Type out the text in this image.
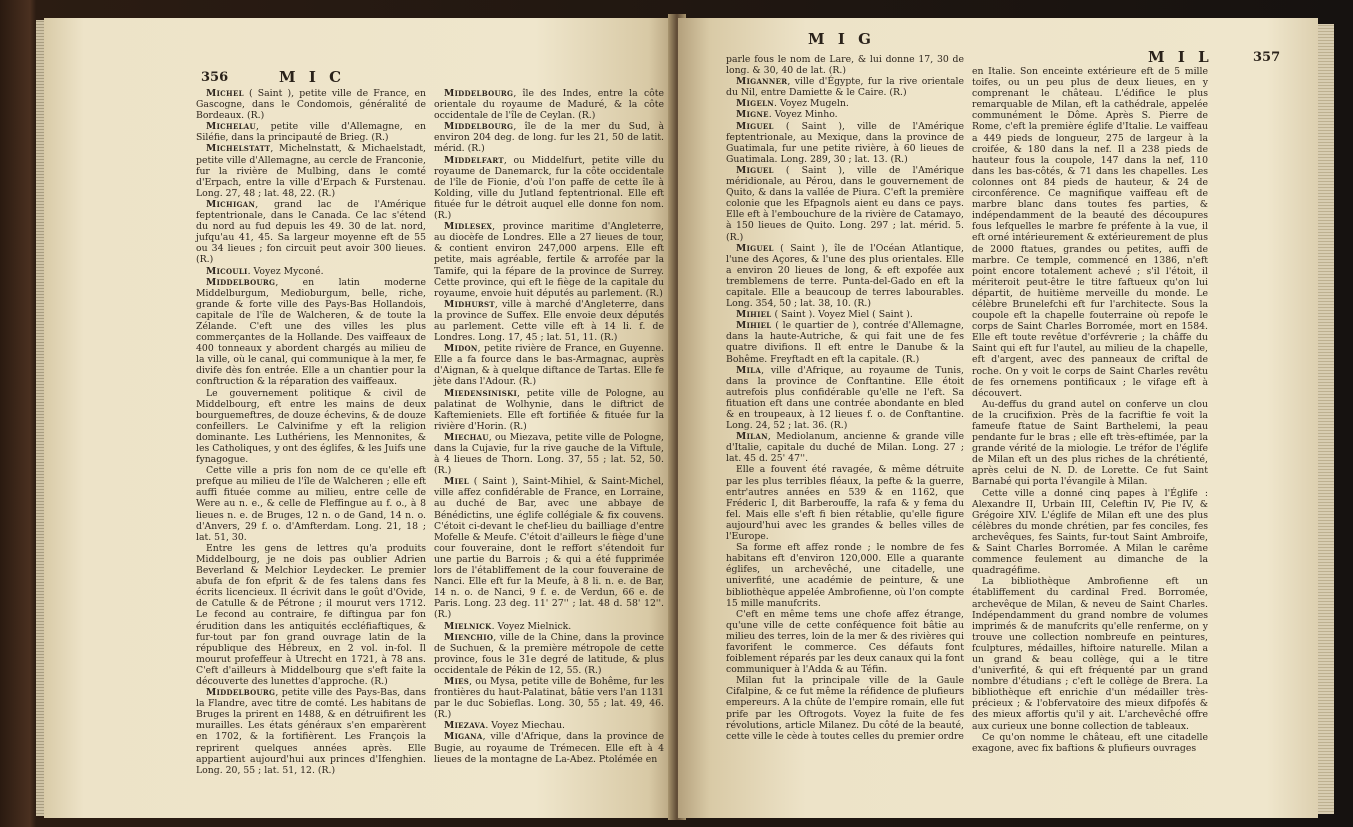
356	M I C

Michel ( Saint ), petite ville de France, en Gascogne, dans le Condomois, généralité de Bordeaux. (R.)

Michelau, petite ville d'Allemagne, en Siléfie, dans la principauté de Brieg. (R.)

Michelstatt, Michelnstatt, & Michaelstadt, petite ville d'Allemagne, au cercle de Franconie, fur la rivière de Mulbing, dans le comté d'Erpach, entre la ville d'Erpach & Furstenau. Long. 27, 48 ; lat. 48, 22. (R.)

Michigan, grand lac de l'Amérique feptentrionale, dans le Canada. Ce lac s'étend du nord au fud depuis les 49. 30 de lat. nord, jufqu'au 41, 45. Sa largeur moyenne eft de 55 ou 34 lieues ; fon circuit peut avoir 300 lieues. (R.)

Micouli. Voyez Myconé.

Middelbourg, en latin moderne Middelburgum, Medioburgum, belle, riche, grande & forte ville des Pays-Bas Hollandois, capitale de l'île de Walcheren, & de toute la Zélande. C'eft une des villes les plus commerçantes de la Hollande. Des vaiffeaux de 400 tonneaux y abordent chargés au milieu de la ville, où le canal, qui communique à la mer, fe divife dès fon entrée. Elle a un chantier pour la conftruction & la réparation des vaiffeaux.

Le gouvernement politique & civil de Middelbourg, eft entre les mains de deux bourguemeftres, de douze échevins, & de douze confeillers. Le Calvinifme y eft la religion dominante. Les Luthériens, les Mennonites, & les Catholiques, y ont des églifes, & les Juifs une fynagogue.

Cette ville a pris fon nom de ce qu'elle eft prefque au milieu de l'île de Walcheren ; elle eft auffi fituée comme au milieu, entre celle de Were au n. e., & celle de Fleffingue au f. o., à 8 lieues n. e. de Bruges, 12 n. o de Gand, 14 n. o. d'Anvers, 29 f. o. d'Amfterdam. Long. 21, 18 ; lat. 51, 30.

Entre les gens de lettres qu'a produits Middelbourg, je ne dois pas oublier Adrien Beverland & Melchior Leydecker. Le premier abufa de fon efprit & de fes talens dans fes écrits licencieux. Il écrivit dans le goût d'Ovide, de Catulle & de Pétrone ; il mourut vers 1712. Le fecond au contraire, fe diftingua par fon érudition dans les antiquités eccléfiaftiques, & fur-tout par fon grand ouvrage latin de la république des Hébreux, en 2 vol. in-fol. Il mourut profeffeur à Utrecht en 1721, à 78 ans. C'eft d'ailleurs à Middelbourg que s'eft faite la découverte des lunettes d'approche. (R.)

Middelbourg, petite ville des Pays-Bas, dans la Flandre, avec titre de comté. Les habitans de Bruges la prirent en 1488, & en détruifirent les murailles. Les états généraux s'en emparèrent en 1702, & la fortifièrent. Les François la reprirent quelques années après. Elle appartient aujourd'hui aux princes d'Ifenghien. Long. 20, 55 ; lat. 51, 12. (R.)

Middelbourg, île des Indes, entre la côte orientale du royaume de Maduré, & la côte occidentale de l'île de Ceylan. (R.)

Middelbourg, île de la mer du Sud, à environ 204 deg. de long. fur les 21, 50 de latit. mérid. (R.)

Middelfart, ou Middelfurt, petite ville du royaume de Danemarck, fur la côte occidentale de l'île de Fionie, d'où l'on paffe de cette île à Kolding, ville du Jutland feptentrional. Elle eft fituée fur le détroit auquel elle donne fon nom. (R.)

Midlesex, province maritime d'Angleterre, au diocèfe de Londres. Elle a 27 lieues de tour, & contient environ 247,000 arpens. Elle eft petite, mais agréable, fertile & arrofée par la Tamife, qui la fépare de la province de Surrey. Cette province, qui eft le fiège de la capitale du royaume, envoie huit députés au parlement. (R.)

Midhurst, ville à marché d'Angleterre, dans la province de Suffex. Elle envoie deux députés au parlement. Cette ville eft à 14 li. f. de Londres. Long. 17, 45 ; lat. 51, 11. (R.)

Midon, petite rivière de France, en Guyenne. Elle a fa fource dans le bas-Armagnac, auprès d'Aignan, & à quelque diftance de Tartas. Elle fe jète dans l'Adour. (R.)

Miedensiniski, petite ville de Pologne, au palatinat de Wolhynie, dans le diftrict de Kaftemieniets. Elle eft fortifiée & fituée fur la rivière d'Horin. (R.)

Miechau, ou Miezava, petite ville de Pologne, dans la Cujavie, fur la rive gauche de la Viftule, à 4 lieues de Thorn. Long. 37, 55 ; lat. 52, 50. (R.)

Miel ( Saint ), Saint-Mihiel, & Saint-Michel, ville affez confidérable de France, en Lorraine, au duché de Bar, avec une abbaye de Bénédictins, une églife collégiale & fix couvens. C'étoit ci-devant le chef-lieu du bailliage d'entre Mofelle & Meufe. C'étoit d'ailleurs le fiège d'une cour fouveraine, dont le reffort s'étendoit fur une partie du Barrois ; & qui a été fupprimée lors de l'établiffement de la cour fouveraine de Nanci. Elle eft fur la Meufe, à 8 li. n. e. de Bar, 14 n. o. de Nanci, 9 f. e. de Verdun, 66 e. de Paris. Long. 23 deg. 11' 27'' ; lat. 48 d. 58' 12''. (R.)

Mielnick. Voyez Mielnick.

Mienchio, ville de la Chine, dans la province de Suchuen, & la première métropole de cette province, fous le 31e degré de latitude, & plus occidentale de Pékin de 12, 55. (R.)

Mies, ou Mysa, petite ville de Bohême, fur les frontières du haut-Palatinat, bâtie vers l'an 1131 par le duc Sobieflas. Long. 30, 55 ; lat. 49, 46. (R.)

Miezava. Voyez Miechau.

Migana, ville d'Afrique, dans la province de Bugie, au royaume de Trémecen. Elle eft à 4 lieues de la montagne de La-Abez. Ptolémée en

M I G
M I L	357

parle fous le nom de Lare, & lui donne 17, 30 de long. & 30, 40 de lat. (R.)

Miganner, ville d'Égypte, fur la rive orientale du Nil, entre Damiette & le Caire. (R.)

Migeln. Voyez Mugeln.

Migne. Voyez Minho.

Miguel ( Saint ), ville de l'Amérique feptentrionale, au Mexique, dans la province de Guatimala, fur une petite rivière, à 60 lieues de Guatimala. Long. 289, 30 ; lat. 13. (R.)

Miguel ( Saint ), ville de l'Amérique méridionale, au Pérou, dans le gouvernement de Quito, & dans la vallée de Piura. C'eft la première colonie que les Efpagnols aient eu dans ce pays. Elle eft à l'embouchure de la rivière de Catamayo, à 150 lieues de Quito. Long. 297 ; lat. mérid. 5. (R.)

Miguel ( Saint ), île de l'Océan Atlantique, l'une des Açores, & l'une des plus orientales. Elle a environ 20 lieues de long, & eft expofée aux tremblemens de terre. Punta-del-Gado en eft la capitale. Elle a beaucoup de terres labourables. Long. 354, 50 ; lat. 38, 10. (R.)

Mihiel ( Saint ). Voyez Miel ( Saint ).

Mihiel ( le quartier de ), contrée d'Allemagne, dans la haute-Autriche, & qui fait une de fes quatre divifions. Il eft entre le Danube & la Bohême. Freyftadt en eft la capitale. (R.)

Mila, ville d'Afrique, au royaume de Tunis, dans la province de Conftantine. Elle étoit autrefois plus confidérable qu'elle ne l'eft. Sa fituation eft dans une contrée abondante en bled & en troupeaux, à 12 lieues f. o. de Conftantine. Long. 24, 52 ; lat. 36. (R.)

Milan, Mediolanum, ancienne & grande ville d'Italie, capitale du duché de Milan. Long. 27 ; lat. 45 d. 25' 47''.

Elle a fouvent été ravagée, & même détruite par les plus terribles fléaux, la pefte & la guerre, entr'autres années en 539 & en 1162, que Fréderic I, dit Barberouffe, la rafa & y fema du fel. Mais elle s'eft fi bien rétablie, qu'elle figure aujourd'hui avec les grandes & belles villes de l'Europe.

Sa forme eft affez ronde ; le nombre de fes habitans eft d'environ 120,000. Elle a quarante églifes, un archevêché, une citadelle, une univerfité, une académie de peinture, & une bibliothèque appelée Ambrofienne, où l'on compte 15 mille manufcrits.

C'eft en même tems une chofe affez étrange, qu'une ville de cette conféquence foit bâtie au milieu des terres, loin de la mer & des rivières qui favorifent le commerce. Ces défauts font foiblement réparés par les deux canaux qui la font communiquer à l'Adda & au Téfin.

Milan fut la principale ville de la Gaule Cifalpine, & ce fut même la réfidence de plufieurs empereurs. A la chûte de l'empire romain, elle fut prife par les Oftrogots. Voyez la fuite de fes révolutions, article Milanez. Du côté de la beauté, cette ville le cède à toutes celles du premier ordre

en Italie. Son enceinte extérieure eft de 5 mille toifes, ou un peu plus de deux lieues, en y comprenant le château. L'édifice le plus remarquable de Milan, eft la cathédrale, appelée communément le Dôme. Après S. Pierre de Rome, c'eft la première églife d'Italie. Le vaiffeau a 449 pieds de longueur, 275 de largeur à la croifée, & 180 dans la nef. Il a 238 pieds de hauteur fous la coupole, 147 dans la nef, 110 dans les bas-côtés, & 71 dans les chapelles. Les colonnes ont 84 pieds de hauteur, & 24 de circonférence. Ce magnifique vaiffeau eft de marbre blanc dans toutes fes parties, & indépendamment de la beauté des découpures fous lefquelles le marbre fe préfente à la vue, il eft orné intérieurement & extérieurement de plus de 2000 ftatues, grandes ou petites, auffi de marbre. Ce temple, commencé en 1386, n'eft point encore totalement achevé ; s'il l'étoit, il mériteroit peut-être le titre faftueux qu'on lui départit, de huitième merveille du monde. Le célèbre Brunelefchi eft fur l'architecte. Sous la coupole eft la chapelle fouterraine où repofe le corps de Saint Charles Borromée, mort en 1584. Elle eft toute revêtue d'orfévrerie ; la châffe du Saint qui eft fur l'autel, au milieu de la chapelle, eft d'argent, avec des panneaux de criftal de roche. On y voit le corps de Saint Charles revêtu de fes ornemens pontificaux ; le vifage eft à découvert.

Au-deffus du grand autel on conferve un clou de la crucifixion. Près de la facriftie fe voit la fameufe ftatue de Saint Barthelemi, la peau pendante fur le bras ; elle eft très-eftimée, par la grande vérité de la miologie. Le tréfor de l'églife de Milan eft un des plus riches de la chrétienté, après celui de N. D. de Lorette. Ce fut Saint Barnabé qui porta l'évangile à Milan.

Cette ville a donné cinq papes à l'Églife : Alexandre II, Urbain III, Celeftin IV, Pie IV, & Grégoire XIV. L'églife de Milan eft une des plus célèbres du monde chrétien, par fes conciles, fes archevêques, fes Saints, fur-tout Saint Ambroife, & Saint Charles Borromée. A Milan le carême commence feulement au dimanche de la quadragéfime.

La bibliothèque Ambrofienne eft un établiffement du cardinal Fred. Borromée, archevêque de Milan, & neveu de Saint Charles. Indépendamment du grand nombre de volumes imprimés & de manufcrits qu'elle renferme, on y trouve une collection nombreufe en peintures, fculptures, médailles, hiftoire naturelle. Milan a un grand & beau collège, qui a le titre d'univerfité, & qui eft fréquenté par un grand nombre d'étudians ; c'eft le collège de Brera. La bibliothèque eft enrichie d'un médailler très-précieux ; & l'obfervatoire des mieux difpofés & des mieux affortis qu'il y ait. L'archevêché offre aux curieux une bonne collection de tableaux.

Ce qu'on nomme le château, eft une citadelle exagone, avec fix baftions & plufieurs ouvrages
